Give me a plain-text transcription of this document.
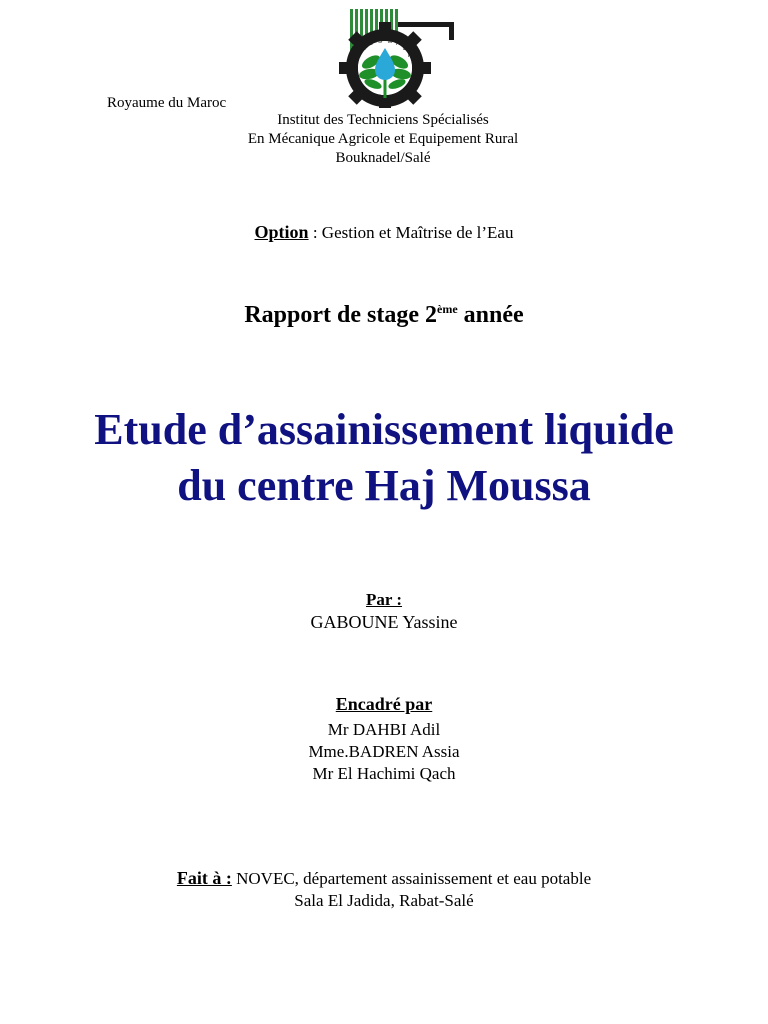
I
T S M A
E
R
Royaume du Maroc
Institut des Techniciens Spécialisés
En Mécanique Agricole et Equipement Rural
Bouknadel/Salé
Option : Gestion et Maîtrise de l’Eau
Rapport de stage 2ème année
Etude d’assainissement liquide
du centre Haj Moussa
Par :
GABOUNE Yassine
Encadré par
Mr DAHBI Adil
Mme.BADREN Assia
Mr El Hachimi Qach
Fait à : NOVEC, département assainissement et eau potable
Sala El Jadida, Rabat-Salé
